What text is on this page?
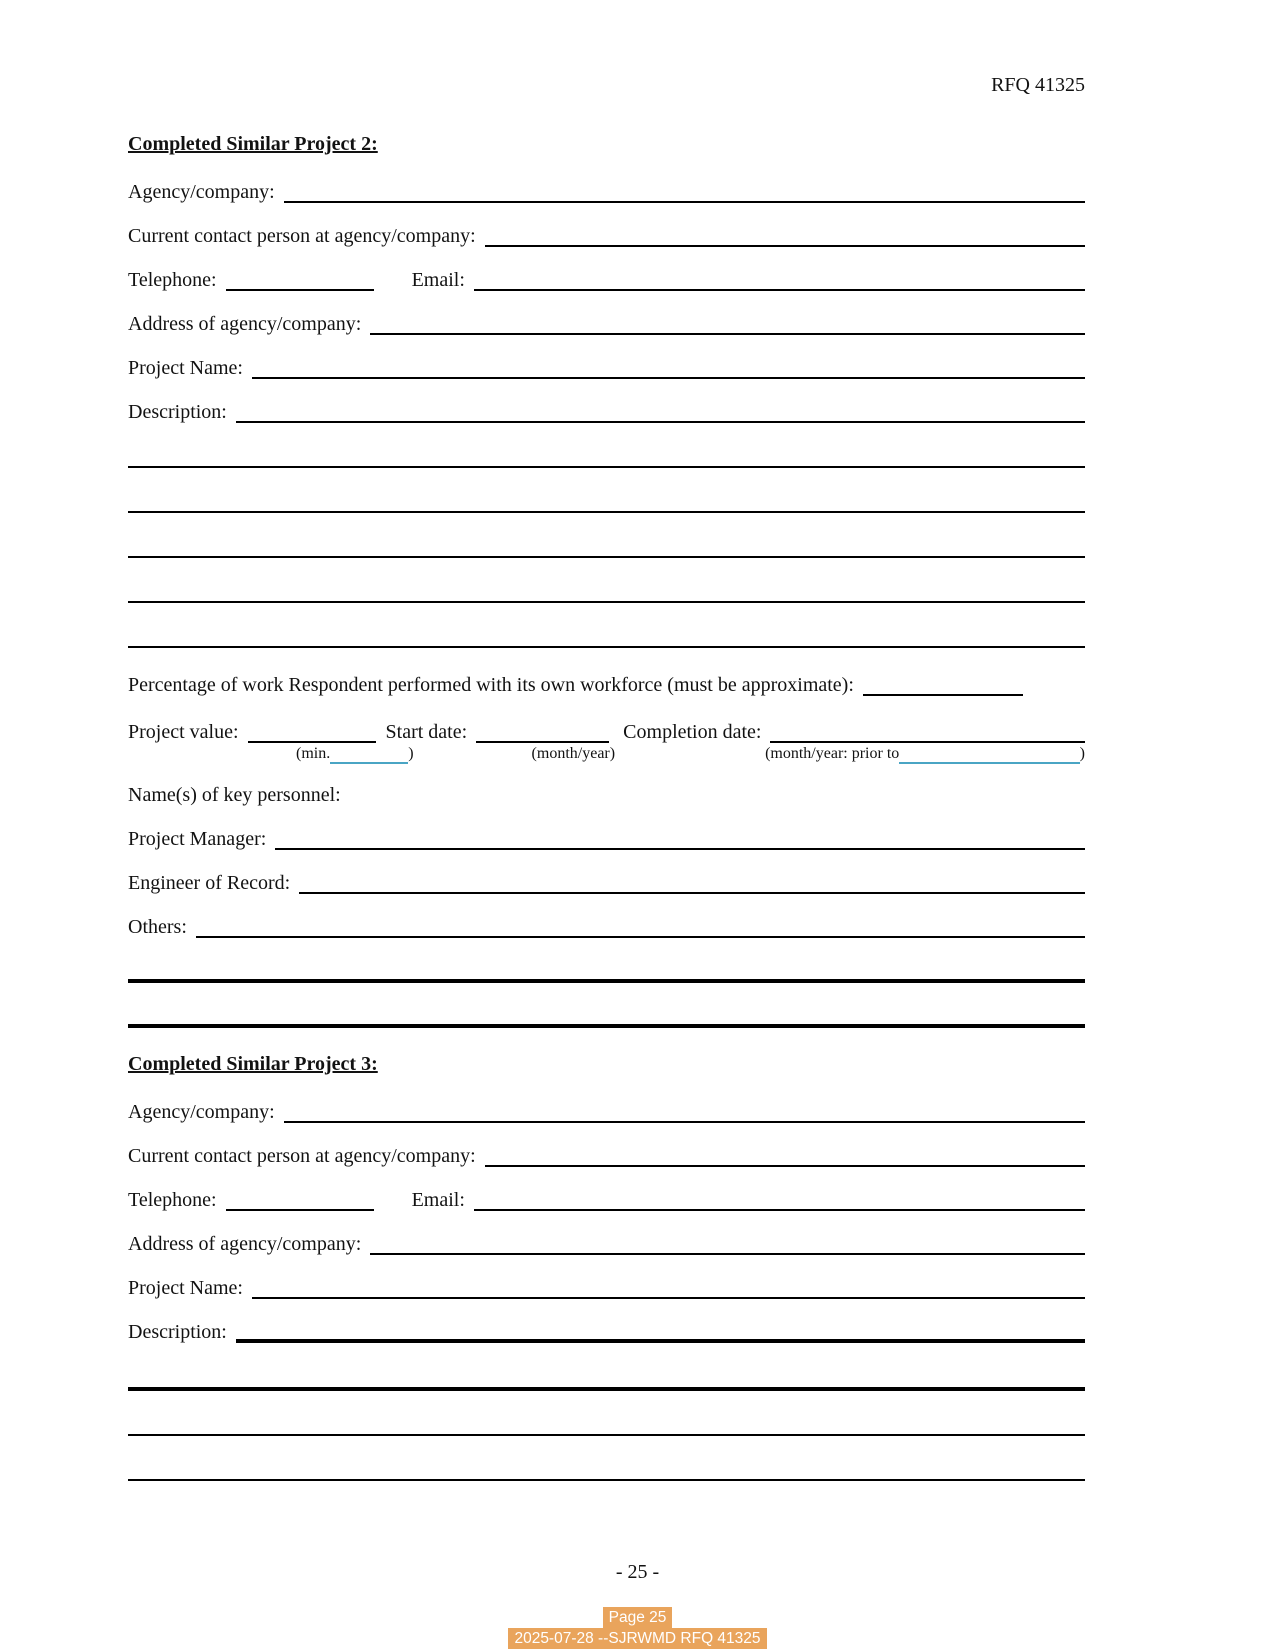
RFQ 41325
Completed Similar Project 2:
Agency/company:
Current contact person at agency/company:
Telephone:	Email:
Address of agency/company:
Project Name:
Description:
Percentage of work Respondent performed with its own workforce (must be approximate):
Project value:	Start date:	Completion date:
(min.	)	(month/year)	(month/year: prior to	)
Name(s) of key personnel:
Project Manager:
Engineer of Record:
Others:
Completed Similar Project 3:
Agency/company:
Current contact person at agency/company:
Telephone:	Email:
Address of agency/company:
Project Name:
Description:
- 25 -
Page 25
2025-07-28 --SJRWMD RFQ 41325
